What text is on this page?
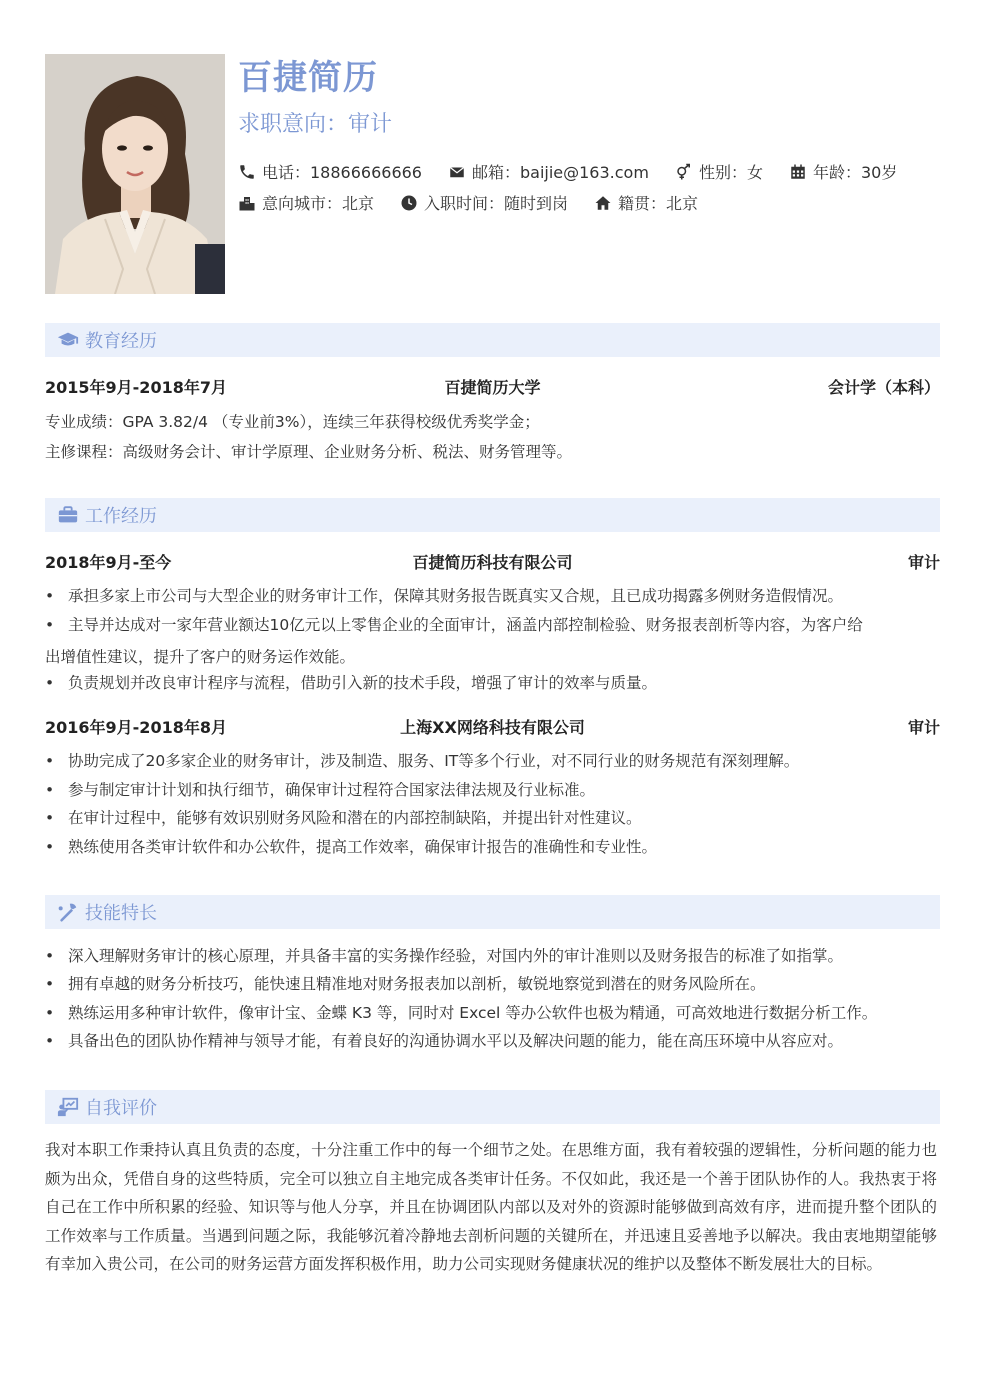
百捷简历
求职意向：审计
电话：18866666666	邮箱：baijie@163.com	性别：女	年龄：30岁
意向城市：北京	入职时间：随时到岗	籍贯：北京
教育经历
2015年9月-2018年7月	百捷简历大学	会计学（本科）
专业成绩：GPA 3.82/4 （专业前3%），连续三年获得校级优秀奖学金；
主修课程：高级财务会计、审计学原理、企业财务分析、税法、财务管理等。
工作经历
2018年9月-至今	百捷简历科技有限公司	审计
• 承担多家上市公司与大型企业的财务审计工作，保障其财务报告既真实又合规，且已成功揭露多例财务造假情况。
• 主导并达成对一家年营业额达10亿元以上零售企业的全面审计，涵盖内部控制检验、财务报表剖析等内容，为客户给
出增值性建议，提升了客户的财务运作效能。
• 负责规划并改良审计程序与流程，借助引入新的技术手段，增强了审计的效率与质量。
2016年9月-2018年8月	上海XX网络科技有限公司	审计
• 协助完成了20多家企业的财务审计，涉及制造、服务、IT等多个行业，对不同行业的财务规范有深刻理解。
• 参与制定审计计划和执行细节，确保审计过程符合国家法律法规及行业标准。
• 在审计过程中，能够有效识别财务风险和潜在的内部控制缺陷，并提出针对性建议。
• 熟练使用各类审计软件和办公软件，提高工作效率，确保审计报告的准确性和专业性。
技能特长
• 深入理解财务审计的核心原理，并具备丰富的实务操作经验，对国内外的审计准则以及财务报告的标准了如指掌。
• 拥有卓越的财务分析技巧，能快速且精准地对财务报表加以剖析，敏锐地察觉到潜在的财务风险所在。
• 熟练运用多种审计软件，像审计宝、金蝶 K3 等，同时对 Excel 等办公软件也极为精通，可高效地进行数据分析工作。
• 具备出色的团队协作精神与领导才能，有着良好的沟通协调水平以及解决问题的能力，能在高压环境中从容应对。
自我评价
我对本职工作秉持认真且负责的态度，十分注重工作中的每一个细节之处。在思维方面，我有着较强的逻辑性，分析问题的能力也颇为出众，凭借自身的这些特质，完全可以独立自主地完成各类审计任务。不仅如此，我还是一个善于团队协作的人。我热衷于将自己在工作中所积累的经验、知识等与他人分享，并且在协调团队内部以及对外的资源时能够做到高效有序，进而提升整个团队的工作效率与工作质量。当遇到问题之际，我能够沉着冷静地去剖析问题的关键所在，并迅速且妥善地予以解决。我由衷地期望能够有幸加入贵公司，在公司的财务运营方面发挥积极作用，助力公司实现财务健康状况的维护以及整体不断发展壮大的目标。
